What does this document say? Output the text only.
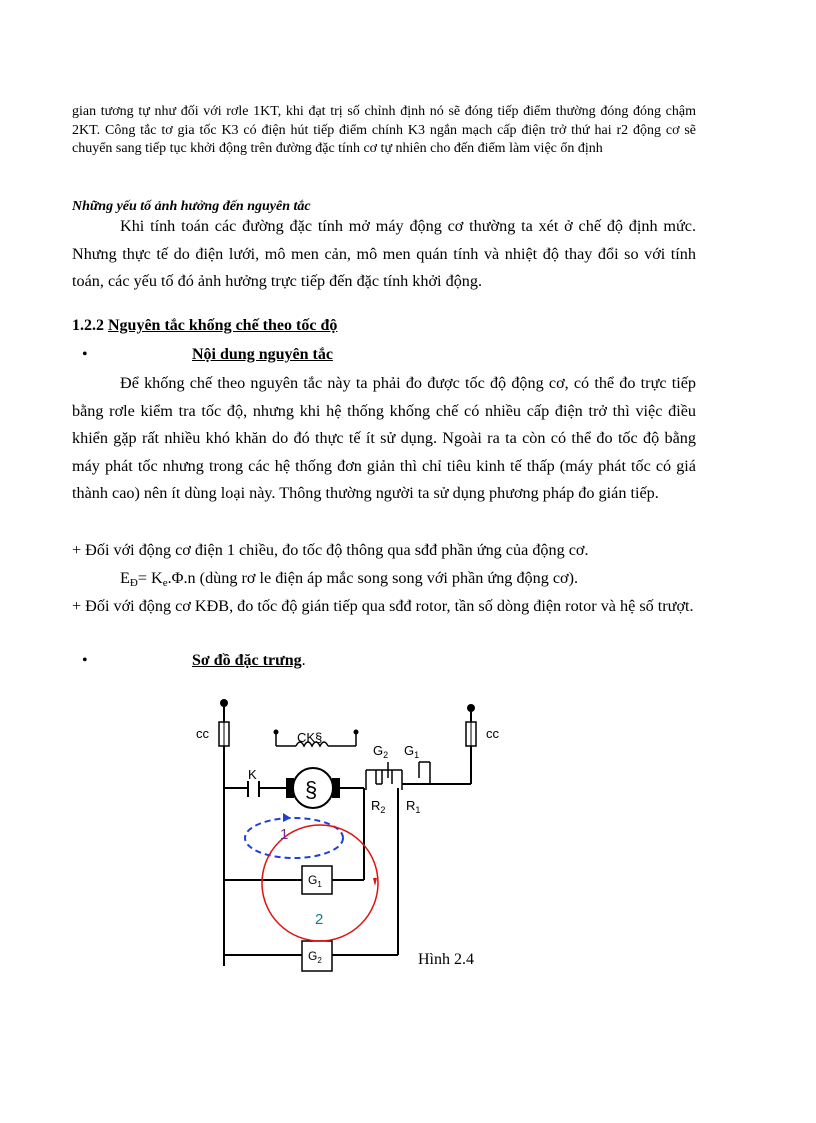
gian tương tự như đối với rơle 1KT, khi đạt trị số chỉnh định nó sẽ đóng tiếp điểm thường đóng đóng chậm 2KT. Công tắc tơ gia tốc K3 có điện hút tiếp điểm chính K3 ngắn mạch cấp điện trở thứ hai r2 động cơ sẽ chuyển sang tiếp tục khởi động trên đường đặc tính cơ tự nhiên cho đến điểm làm việc ổn định
Những yếu tố ảnh hưởng đến nguyên tắc
Khi tính toán các đường đặc tính mở máy động cơ thường ta xét ở chế độ định mức. Nhưng thực tế do điện lưới, mô men cản, mô men quán tính và nhiệt độ thay đổi so với tính toán, các yếu tố đó ảnh hưởng trực tiếp đến đặc tính khởi động.
1.2.2 Nguyên tắc khống chế theo tốc độ
•	Nội dung nguyên tắc
Để khống chế theo nguyên tắc này ta phải đo được tốc độ động cơ, có thể đo trực tiếp bằng rơle kiểm tra tốc độ, nhưng khi hệ thống khống chế có nhiều cấp điện trở thì việc điều khiển gặp rất nhiều khó khăn do đó thực tế ít sử dụng. Ngoài ra ta còn có thể đo tốc độ bằng máy phát tốc nhưng trong các hệ thống đơn giản thì chỉ tiêu kinh tế thấp (máy phát tốc có giá thành cao) nên ít dùng loại này. Thông thường người ta sử dụng phương pháp đo gián tiếp.
+ Đối với động cơ điện 1 chiều, đo tốc độ thông qua sđđ phần ứng của động cơ.
$E_Đ= K_e.\Phi.n$ (dùng rơ le điện áp mắc song song với phần ứng động cơ).
+ Đối với động cơ KĐB, đo tốc độ gián tiếp qua sđđ rotor, tần số dòng điện rotor và hệ số trượt.
•	Sơ đồ đặc trưng.
cc	cc
CK§
K
§
$G_2$ $G_1$
$R_2$ $R_1$
1
2
$G_1$
$G_2$	Hình 2.4
